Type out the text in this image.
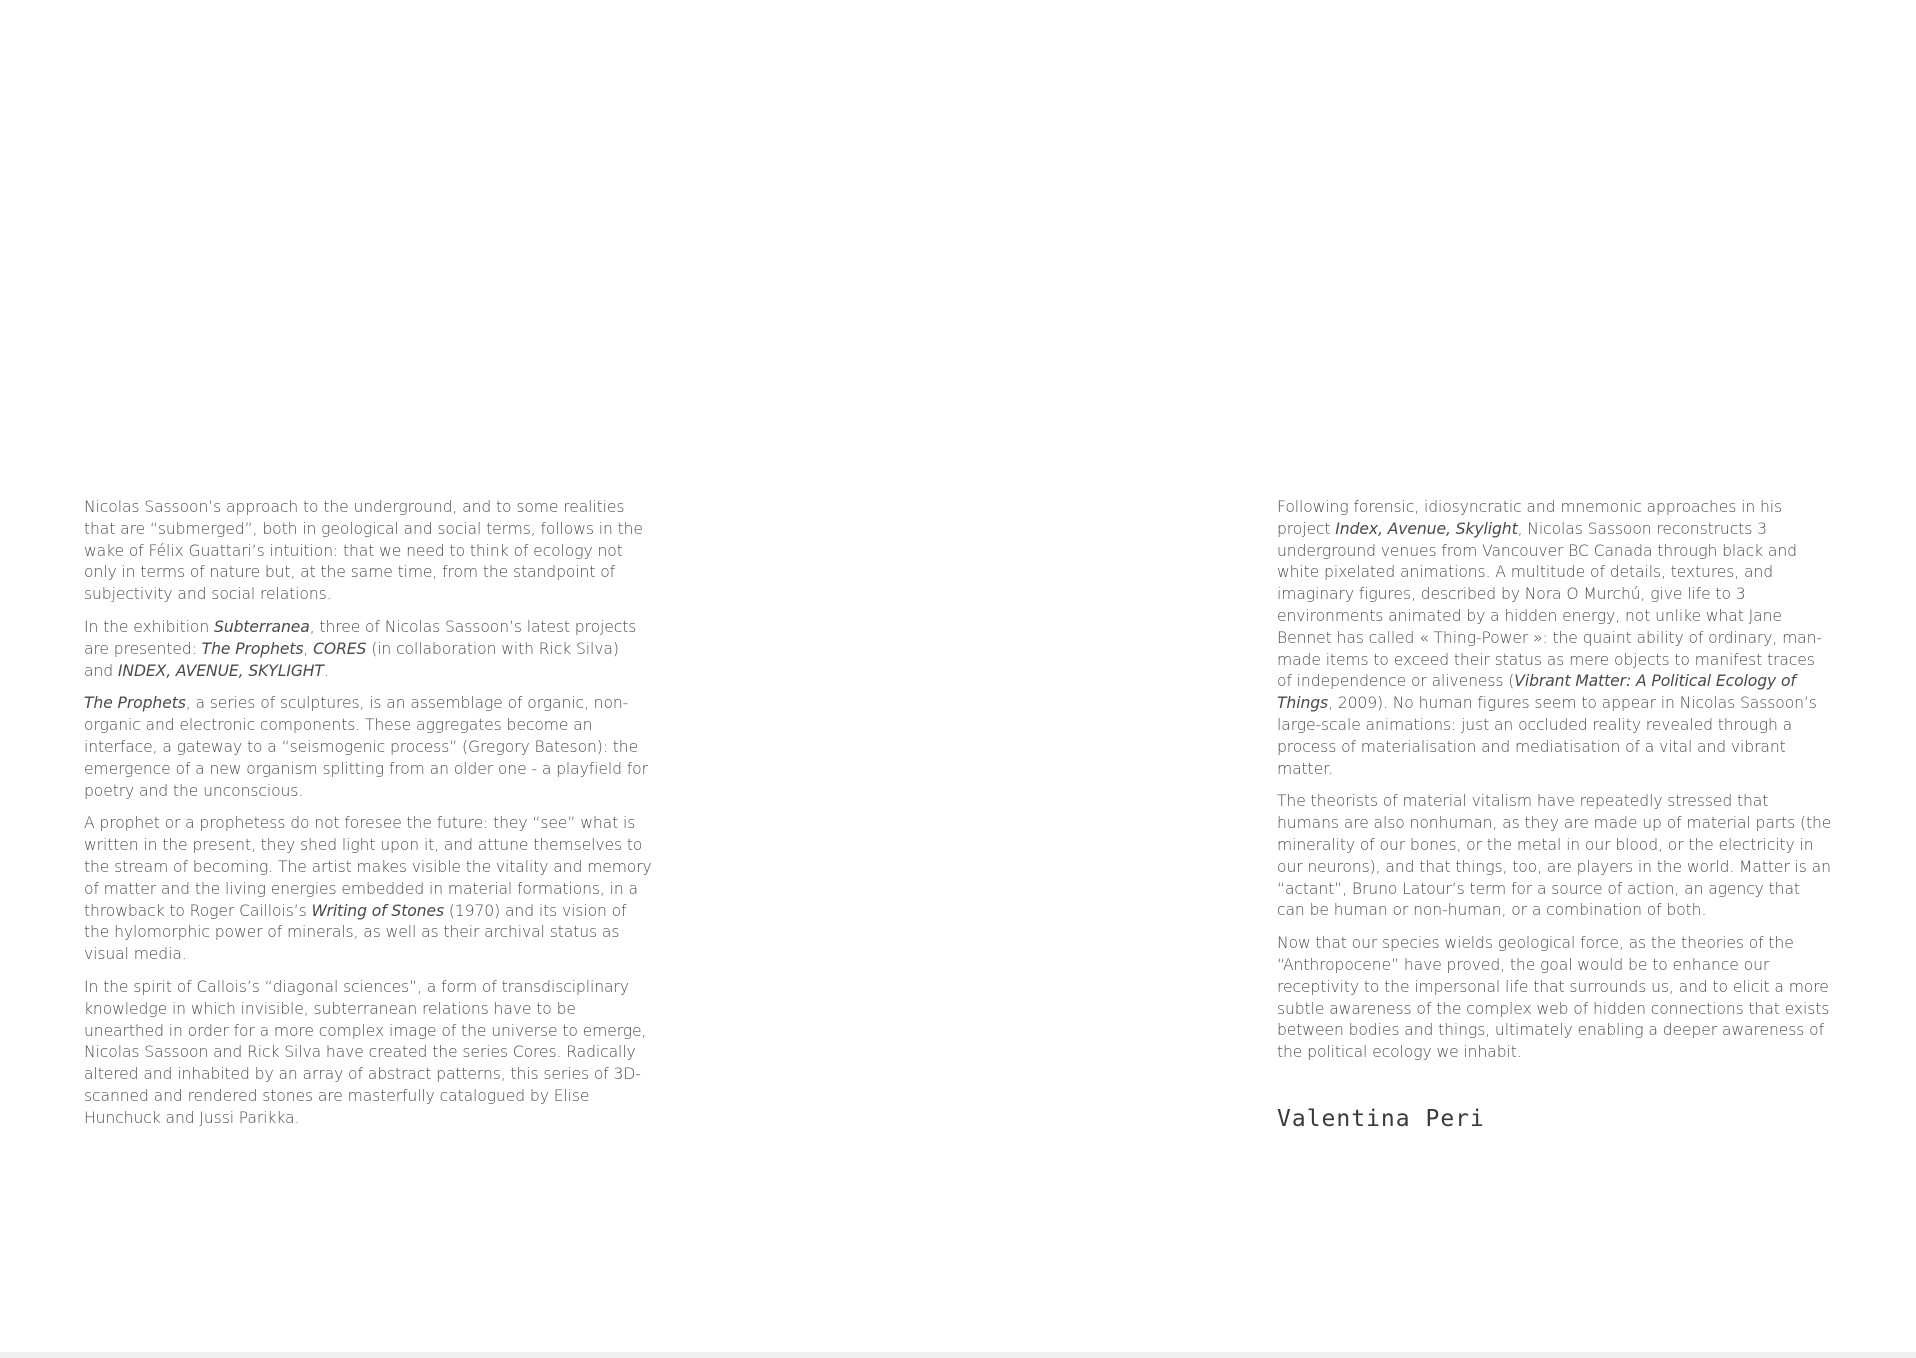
Nicolas Sassoon’s approach to the underground, and to some realities that are “submerged”, both in geological and social terms, follows in the wake of Félix Guattari’s intuition: that we need to think of ecology not only in terms of nature but, at the same time, from the standpoint of subjectivity and social relations.

In the exhibition Subterranea, three of Nicolas Sassoon’s latest projects are presented: The Prophets, CORES (in collaboration with Rick Silva) and INDEX, AVENUE, SKYLIGHT.

The Prophets, a series of sculptures, is an assemblage of organic, non-organic and electronic components. These aggregates become an interface, a gateway to a “seismogenic process” (Gregory Bateson): the emergence of a new organism splitting from an older one - a playfield for poetry and the unconscious.

A prophet or a prophetess do not foresee the future: they “see” what is written in the present, they shed light upon it, and attune themselves to the stream of becoming. The artist makes visible the vitality and memory of matter and the living energies embedded in material formations, in a throwback to Roger Caillois’s Writing of Stones (1970) and its vision of the hylomorphic power of minerals, as well as their archival status as visual media.

In the spirit of Callois’s “diagonal sciences”, a form of transdisciplinary knowledge in which invisible, subterranean relations have to be unearthed in order for a more complex image of the universe to emerge, Nicolas Sassoon and Rick Silva have created the series Cores. Radically altered and inhabited by an array of abstract patterns, this series of 3D-scanned and rendered stones are masterfully catalogued by Elise Hunchuck and Jussi Parikka.

Following forensic, idiosyncratic and mnemonic approaches in his project Index, Avenue, Skylight, Nicolas Sassoon reconstructs 3 underground venues from Vancouver BC Canada through black and white pixelated animations. A multitude of details, textures, and imaginary figures, described by Nora O Murchú, give life to 3 environments animated by a hidden energy, not unlike what Jane Bennet has called « Thing-Power »: the quaint ability of ordinary, man-made items to exceed their status as mere objects to manifest traces of independence or aliveness (Vibrant Matter: A Political Ecology of Things, 2009). No human figures seem to appear in Nicolas Sassoon’s large-scale animations: just an occluded reality revealed through a process of materialisation and mediatisation of a vital and vibrant matter.

The theorists of material vitalism have repeatedly stressed that humans are also nonhuman, as they are made up of material parts (the minerality of our bones, or the metal in our blood, or the electricity in our neurons), and that things, too, are players in the world. Matter is an “actant”, Bruno Latour’s term for a source of action, an agency that can be human or non-human, or a combination of both.

Now that our species wields geological force, as the theories of the “Anthropocene” have proved, the goal would be to enhance our receptivity to the impersonal life that surrounds us, and to elicit a more subtle awareness of the complex web of hidden connections that exists between bodies and things, ultimately enabling a deeper awareness of the political ecology we inhabit.

Valentina Peri
